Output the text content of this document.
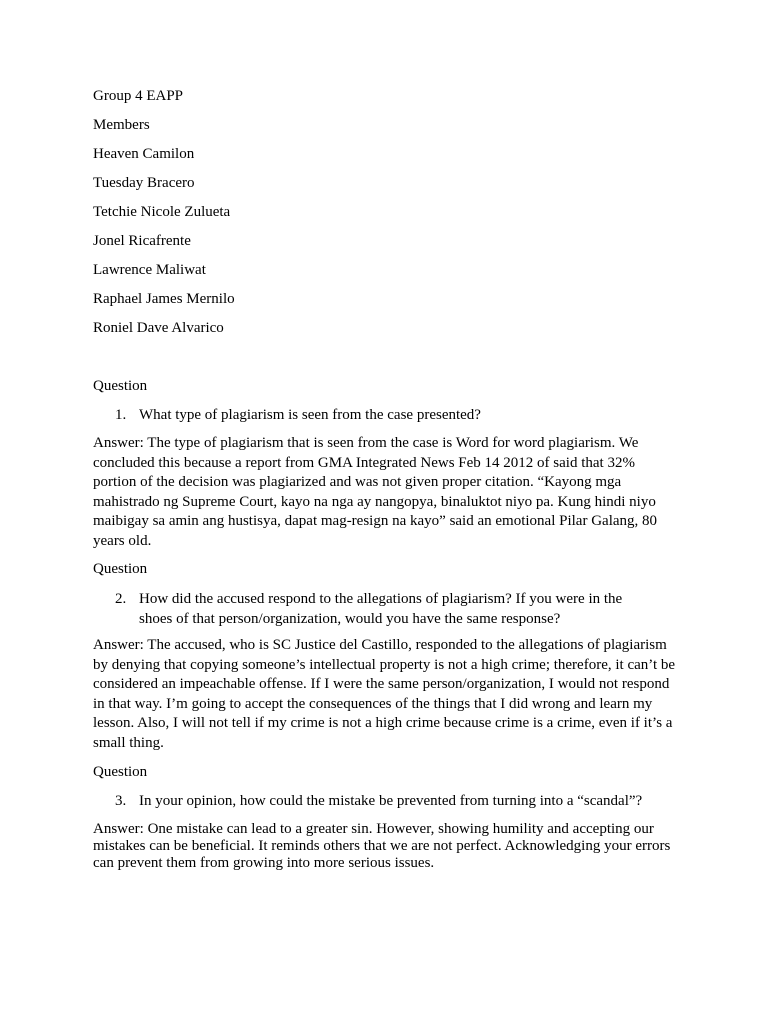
Group 4 EAPP
Members
Heaven Camilon
Tuesday Bracero
Tetchie Nicole Zulueta
Jonel Ricafrente
Lawrence Maliwat
Raphael James Mernilo
Roniel Dave Alvarico
Question
1. What type of plagiarism is seen from the case presented?
Answer: The type of plagiarism that is seen from the case is Word for word plagiarism. We concluded this because a report from GMA Integrated News Feb 14 2012 of said that 32% portion of the decision was plagiarized and was not given proper citation. “Kayong mga mahistrado ng Supreme Court, kayo na nga ay nangopya, binaluktot niyo pa. Kung hindi niyo maibigay sa amin ang hustisya, dapat mag-resign na kayo” said an emotional Pilar Galang, 80 years old.
Question
2. How did the accused respond to the allegations of plagiarism? If you were in the shoes of that person/organization, would you have the same response?
Answer: The accused, who is SC Justice del Castillo, responded to the allegations of plagiarism by denying that copying someone’s intellectual property is not a high crime; therefore, it can’t be considered an impeachable offense. If I were the same person/organization, I would not respond in that way. I’m going to accept the consequences of the things that I did wrong and learn my lesson. Also, I will not tell if my crime is not a high crime because crime is a crime, even if it’s a small thing.
Question
3. In your opinion, how could the mistake be prevented from turning into a “scandal”?
Answer: One mistake can lead to a greater sin. However, showing humility and accepting our mistakes can be beneficial. It reminds others that we are not perfect. Acknowledging your errors can prevent them from growing into more serious issues.
